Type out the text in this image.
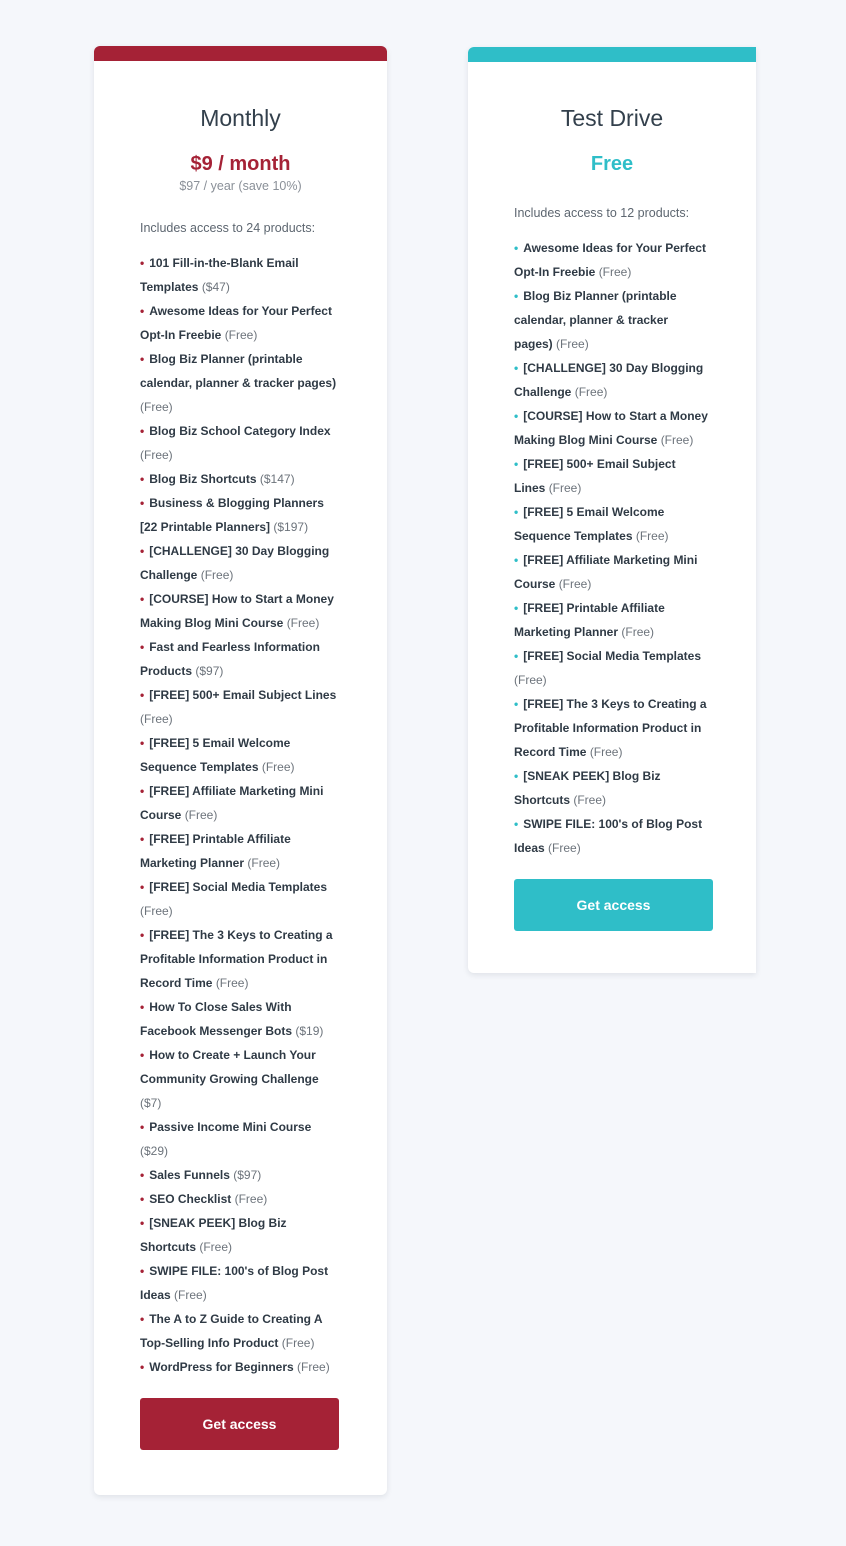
Monthly
$9 / month
$97 / year (save 10%)
Includes access to 24 products:
• 101 Fill-in-the-Blank Email Templates ($47)
• Awesome Ideas for Your Perfect Opt-In Freebie (Free)
• Blog Biz Planner (printable calendar, planner & tracker pages) (Free)
• Blog Biz School Category Index (Free)
• Blog Biz Shortcuts ($147)
• Business & Blogging Planners [22 Printable Planners] ($197)
• [CHALLENGE] 30 Day Blogging Challenge (Free)
• [COURSE] How to Start a Money Making Blog Mini Course (Free)
• Fast and Fearless Information Products ($97)
• [FREE] 500+ Email Subject Lines (Free)
• [FREE] 5 Email Welcome Sequence Templates (Free)
• [FREE] Affiliate Marketing Mini Course (Free)
• [FREE] Printable Affiliate Marketing Planner (Free)
• [FREE] Social Media Templates (Free)
• [FREE] The 3 Keys to Creating a Profitable Information Product in Record Time (Free)
• How To Close Sales With Facebook Messenger Bots ($19)
• How to Create + Launch Your Community Growing Challenge ($7)
• Passive Income Mini Course ($29)
• Sales Funnels ($97)
• SEO Checklist (Free)
• [SNEAK PEEK] Blog Biz Shortcuts (Free)
• SWIPE FILE: 100's of Blog Post Ideas (Free)
• The A to Z Guide to Creating A Top-Selling Info Product (Free)
• WordPress for Beginners (Free)
Get access
Test Drive
Free
Includes access to 12 products:
• Awesome Ideas for Your Perfect Opt-In Freebie (Free)
• Blog Biz Planner (printable calendar, planner & tracker pages) (Free)
• [CHALLENGE] 30 Day Blogging Challenge (Free)
• [COURSE] How to Start a Money Making Blog Mini Course (Free)
• [FREE] 500+ Email Subject Lines (Free)
• [FREE] 5 Email Welcome Sequence Templates (Free)
• [FREE] Affiliate Marketing Mini Course (Free)
• [FREE] Printable Affiliate Marketing Planner (Free)
• [FREE] Social Media Templates (Free)
• [FREE] The 3 Keys to Creating a Profitable Information Product in Record Time (Free)
• [SNEAK PEEK] Blog Biz Shortcuts (Free)
• SWIPE FILE: 100's of Blog Post Ideas (Free)
Get access
